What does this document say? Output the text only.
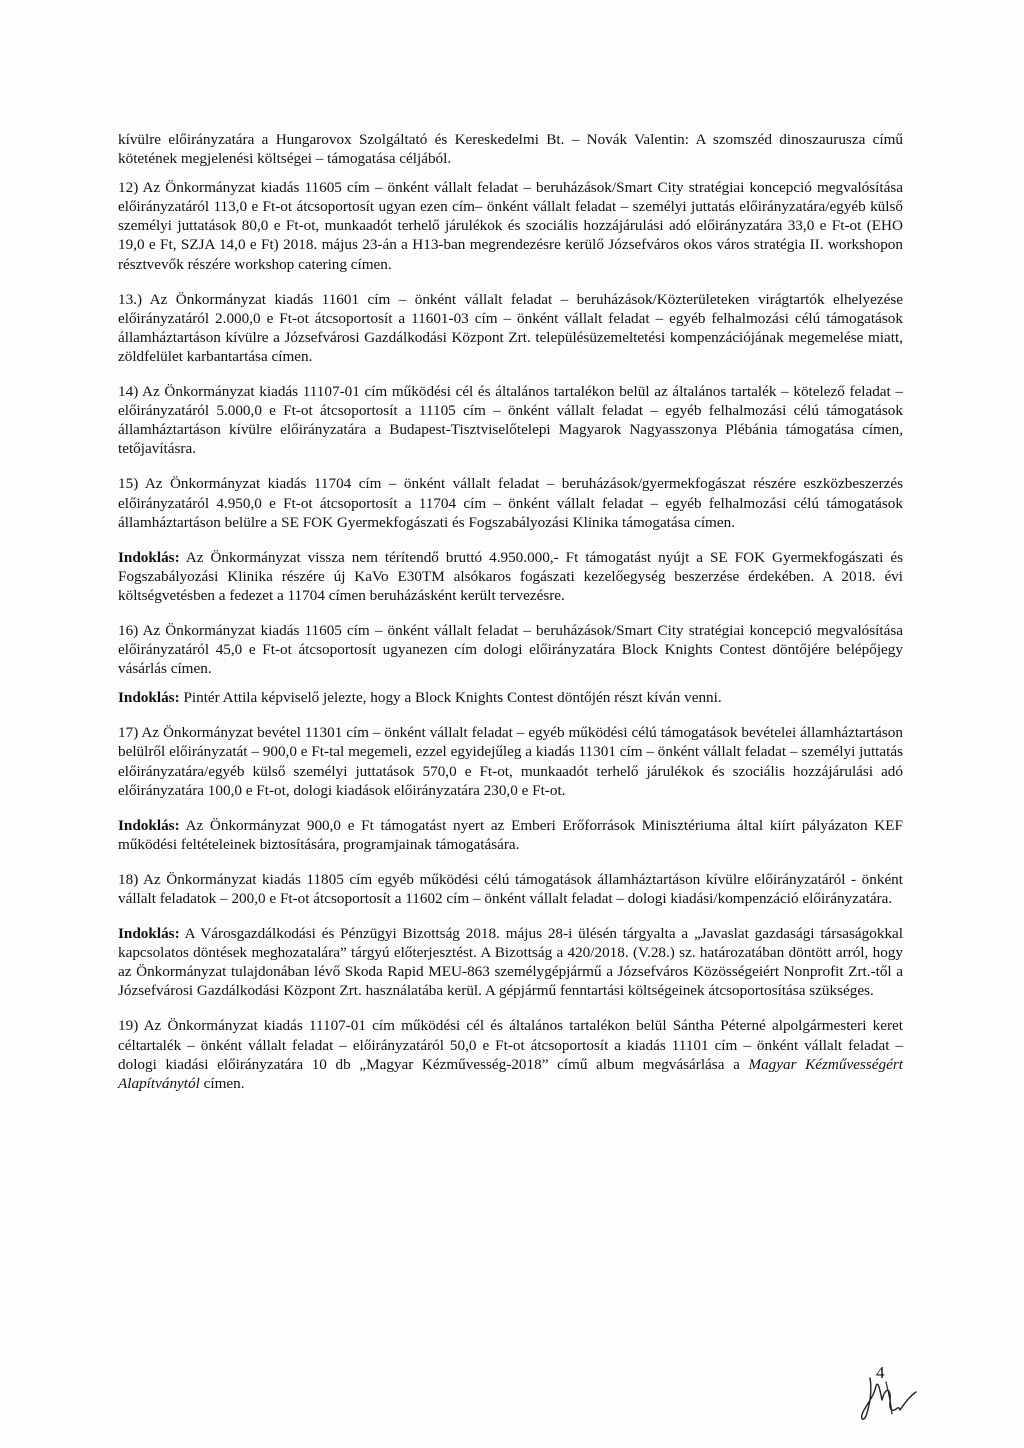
kívülre előirányzatára a Hungarovox Szolgáltató és Kereskedelmi Bt. – Novák Valentin: A szomszéd dinoszaurusza című kötetének megjelenési költségei – támogatása céljából.

12) Az Önkormányzat kiadás 11605 cím – önként vállalt feladat – beruházások/Smart City stratégiai koncepció megvalósítása előirányzatáról 113,0 e Ft-ot átcsoportosít ugyan ezen cím– önként vállalt feladat – személyi juttatás előirányzatára/egyéb külső személyi juttatások 80,0 e Ft-ot, munkaadót terhelő járulékok és szociális hozzájárulási adó előirányzatára 33,0 e Ft-ot (EHO 19,0 e Ft, SZJA 14,0 e Ft) 2018. május 23-án a H13-ban megrendezésre kerülő Józsefváros okos város stratégia II. workshopon résztvevők részére workshop catering címen.

13.) Az Önkormányzat kiadás 11601 cím – önként vállalt feladat – beruházások/Közterületeken virágtartók elhelyezése előirányzatáról 2.000,0 e Ft-ot átcsoportosít a 11601-03 cím – önként vállalt feladat – egyéb felhalmozási célú támogatások államháztartáson kívülre a Józsefvárosi Gazdálkodási Központ Zrt. településüzemeltetési kompenzációjának megemelése miatt, zöldfelület karbantartása címen.

14) Az Önkormányzat kiadás 11107-01 cím működési cél és általános tartalékon belül az általános tartalék – kötelező feladat – előirányzatáról 5.000,0 e Ft-ot átcsoportosít a 11105 cím – önként vállalt feladat – egyéb felhalmozási célú támogatások államháztartáson kívülre előirányzatára a Budapest-Tisztviselőtelepi Magyarok Nagyasszonya Plébánia támogatása címen, tetőjavításra.

15) Az Önkormányzat kiadás 11704 cím – önként vállalt feladat – beruházások/gyermekfogászat részére eszközbeszerzés előirányzatáról 4.950,0 e Ft-ot átcsoportosít a 11704 cím – önként vállalt feladat – egyéb felhalmozási célú támogatások államháztartáson belülre a SE FOK Gyermekfogászati és Fogszabályozási Klinika támogatása címen.

Indoklás: Az Önkormányzat vissza nem térítendő bruttó 4.950.000,- Ft támogatást nyújt a SE FOK Gyermekfogászati és Fogszabályozási Klinika részére új KaVo E30TM alsókaros fogászati kezelőegység beszerzése érdekében. A 2018. évi költségvetésben a fedezet a 11704 címen beruházásként került tervezésre.

16) Az Önkormányzat kiadás 11605 cím – önként vállalt feladat – beruházások/Smart City stratégiai koncepció megvalósítása előirányzatáról 45,0 e Ft-ot átcsoportosít ugyanezen cím dologi előirányzatára Block Knights Contest döntőjére belépőjegy vásárlás címen.

Indoklás: Pintér Attila képviselő jelezte, hogy a Block Knights Contest döntőjén részt kíván venni.

17) Az Önkormányzat bevétel 11301 cím – önként vállalt feladat – egyéb működési célú támogatások bevételei államháztartáson belülről előirányzatát – 900,0 e Ft-tal megemeli, ezzel egyidejűleg a kiadás 11301 cím – önként vállalt feladat – személyi juttatás előirányzatára/egyéb külső személyi juttatások 570,0 e Ft-ot, munkaadót terhelő járulékok és szociális hozzájárulási adó előirányzatára 100,0 e Ft-ot, dologi kiadások előirányzatára 230,0 e Ft-ot.

Indoklás: Az Önkormányzat 900,0 e Ft támogatást nyert az Emberi Erőforrások Minisztériuma által kiírt pályázaton KEF működési feltételeinek biztosítására, programjainak támogatására.

18) Az Önkormányzat kiadás 11805 cím egyéb működési célú támogatások államháztartáson kívülre előirányzatáról - önként vállalt feladatok – 200,0 e Ft-ot átcsoportosít a 11602 cím – önként vállalt feladat – dologi kiadási/kompenzáció előirányzatára.

Indoklás: A Városgazdálkodási és Pénzügyi Bizottság 2018. május 28-i ülésén tárgyalta a „Javaslat gazdasági társaságokkal kapcsolatos döntések meghozatalára” tárgyú előterjesztést. A Bizottság a 420/2018. (V.28.) sz. határozatában döntött arról, hogy az Önkormányzat tulajdonában lévő Skoda Rapid MEU-863 személygépjármű a Józsefváros Közösségeiért Nonprofit Zrt.-től a Józsefvárosi Gazdálkodási Központ Zrt. használatába kerül. A gépjármű fenntartási költségeinek átcsoportosítása szükséges.

19) Az Önkormányzat kiadás 11107-01 cím működési cél és általános tartalékon belül Sántha Péterné alpolgármesteri keret céltartalék – önként vállalt feladat – előirányzatáról 50,0 e Ft-ot átcsoportosít a kiadás 11101 cím – önként vállalt feladat – dologi kiadási előirányzatára 10 db „Magyar Kézművesség-2018” című album megvásárlása a Magyar Kézművességért Alapítványtól címen.

4
